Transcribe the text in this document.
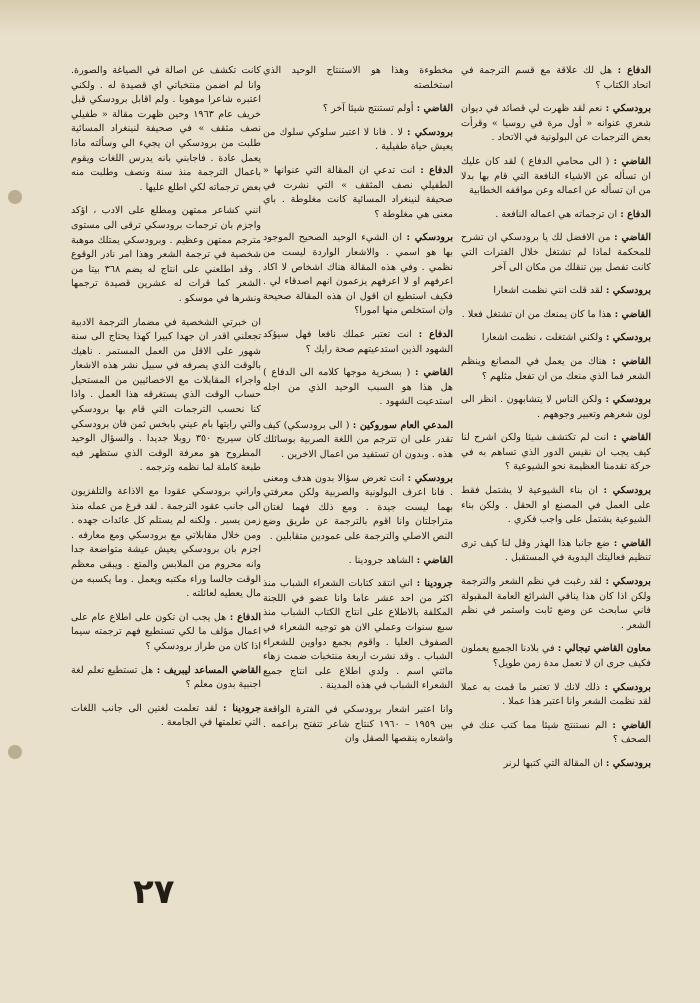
الدفاع : هل لك علاقة مع قسم الترجمة في اتحاد الكتاب ؟

برودسكي : نعم لقد ظهرت لي قصائد في ديوان شعري عنوانه « أول مرة في روسيا » وقرأت بعض الترجمات عن البولونية في الاتحاد .

القاضي : ( الى محامي الدفاع ) لقد كان عليك ان تسأله عن الاشياء النافعة التي قام بها بدلا من ان تسأله عن اعماله وعن مواقفه الخطابية

الدفاع : ان ترجماته هي اعماله النافعة .

القاضي : من الافضل لك يا برودسكي ان تشرح للمحكمة لماذا لم تشتغل خلال الفترات التي كانت تفصل بين تنقلك من مكان الى آخر

برودسكي : لقد قلت انني نظمت اشعارا

القاضي : هذا ما كان يمنعك من ان تشتغل فعلا .

برودسكي : ولكني اشتغلت ، نظمت اشعارا

القاضي : هناك من يعمل في المصانع وينظم الشعر فما الذي منعك من ان تفعل مثلهم ؟

برودسكي : ولكن الناس لا يتشابهون . انظر الى لون شعرهم وتعبير وجوههم .

القاضي : انت لم تكتشف شيئا ولكن اشرح لنا كيف يجب ان نقيس الدور الذي تساهم به في حركة تقدمنا العظيمة نحو الشيوعية ؟

برودسكي : ان بناء الشيوعية لا يشتمل فقط على العمل في المصنع او الحقل . ولكن بناء الشيوعية يشتمل على واجب فكري .

القاضي : ضع جانبا هذا الهذر وقل لنا كيف ترى تنظيم فعاليتك اليدوية في المستقبل .

برودسكي : لقد رغبت في نظم الشعر والترجمة ولكن اذا كان هذا ينافي الشرائع العامة المقبولة فاني سابحث عن وضع ثابت واستمر في نظم الشعر .

معاون القاضي تيجالي : في بلادنا الجميع يعملون فكيف جرى ان لا تعمل مدة زمن طويل؟

برودسكي : ذلك لانك لا تعتبر ما قمت به عملا لقد نظمت الشعر وانا اعتبر هذا عملا .

القاضي : الم نستنتج شيئا مما كتب عنك في الصحف ؟

برودسكي : ان المقالة التي كتبها لرنر

مخطوءة وهذا هو الاستنتاج الوحيد الذي استخلصته

القاضي : أولم تستنتج شيئا آخر ؟

برودسكي : لا . فانا لا اعتبر سلوكي سلوك من يعيش حياة طفيلية .

الدفاع : انت تدعي ان المقالة التي عنوانها « الطفيلي نصف المثقف » التي نشرت في صحيفة لنينغراد المسائية كانت مغلوطة . باي معنى هي مغلوطة ؟

برودسكي : ان الشيء الوحيد الصحيح الموجود بها هو اسمي . والاشعار الواردة ليست من نظمي . وفي هذه المقالة هناك اشخاص لا اكاد اعرفهم او لا اعرفهم يزعمون انهم اصدقاء لي . فكيف استطيع ان اقول ان هذه المقالة صحيحة وان استخلص منها امورا؟

الدفاع : انت تعتبر عملك نافعا فهل سيؤكد الشهود الذين استدعيتهم صحة رايك ؟

القاضي : ( بسخرية موجها كلامه الى الدفاع ) هل هذا هو السبب الوحيد الذي من اجله استدعيت الشهود .

المدعي العام سوروكين : ( الى برودسكي) كيف تقدر على ان تترجم من اللغة الصربية بوسائلك هذه . وبدون ان تستفيد من اعمال الاخرين .

برودسكي : انت تعرض سؤالا بدون هدف ومعنى . فانا اعرف البولونية والصربية ولكن معرفتي بهما ليست جيدة . ومع ذلك فهما لغتان متراجلتان وانا اقوم بالترجمة عن طريق وضع النص الاصلي والترجمة على عمودين متقابلين .

القاضي : الشاهد جرودينا .

جرودينا : اني انتقد كتابات الشعراء الشباب منذ اكثر من احد عشر عاما وانا عضو في اللجنة المكلفة بالاطلاع على انتاج الكتاب الشباب منذ سبع سنوات وعملي الان هو توجيه الشعراء في الصفوف العليا . واقوم بجمع دواوين للشعراء الشباب . وقد نشرت اربعة منتخبات ضمت زهاء مائتي اسم . ولدي اطلاع على انتاج جميع الشعراء الشباب في هذه المدينة .

وانا اعتبر اشعار برودسكي في الفترة الواقعة بين ١٩٥٩ – ١٩٦٠ كنتاج شاعر تتفتح براعمه . واشعاره ينقصها الصقل وان

كانت تكشف عن اصالة في الصياغة والصورة. وانا لم اضمن منتخباتي اي قصيدة له . ولكني اعتبره شاعرا موهوبا . ولم اقابل برودسكي قبل خريف عام ١٩٦٣ وحين ظهرت مقالة « طفيلي نصف مثقف » في صحيفة لنينغراد المسائية طلبت من برودسكي ان يجيء الي وسألته ماذا يعمل عادة . فاجابني بانه يدرس اللغات ويقوم باعمال الترجمة منذ سنة ونصف وطلبت منه بعض ترجماته لكي اطلع عليها .

انني كشاعر ممتهن ومطلع على الادب ، اؤكد واجزم بان ترجمات برودسكي ترقى الى مستوى مترجم ممتهن وعظيم . وبرودسكي يمتلك موهبة شخصية في ترجمة الشعر وهذا امر نادر الوقوع . وقد اطلعني على انتاج له يضم ٣٦٨ بيتا من الشعر كما قرات له عشرين قصيدة ترجمها ونشرها في موسكو .

ان خبرتي الشخصية في مضمار الترجمة الادبية تجعلني اقدر ان جهدا كبيرا كهذا يحتاج الى سنة شهور على الاقل من العمل المستمر . ناهيك بالوقت الذي يصرفه في سبيل نشر هذه الاشعار واجراء المقابلات مع الاخصائيين من المستحيل حساب الوقت الذي يستغرقه هذا العمل . واذا كنا نحسب الترجمات التي قام بها برودسكي والتي رايتها بام عيني بابخس ثمن فان برودسكي كان سيربح ٣٥٠ روبلا جديدا . والسؤال الوحيد المطروح هو معرفة الوقت الذي ستظهر فيه طبعة كاملة لما نظمه وترجمه .

واراني برودسكي عقودا مع الاذاعة والتلفزيون الى جانب عقود الترجمة . لقد فرغ من عمله منذ زمن يسير . ولكنه لم يستلم كل عائدات جهده . ومن خلال مقابلاتي مع برودسكي ومع معارفه . اجزم بان برودسكي يعيش عيشة متواضعة جدا وانه محروم من الملابس والمتع . ويبقى معظم الوقت جالسا وراء مكتبه ويعمل . وما يكسبه من مال يعطيه لعائلته .

الدفاع : هل يجب ان تكون على اطلاع عام على اعمال مؤلف ما لكي تستطيع فهم ترجمته سيما اذا كان من طراز برودسكي ؟

القاضي المساعد ليبريف : هل تستطيع تعلم لغة اجنبية بدون معلم ؟

جرودينا : لقد تعلمت لغتين الى جانب اللغات التي تعلمتها في الجامعة .

٢٧
